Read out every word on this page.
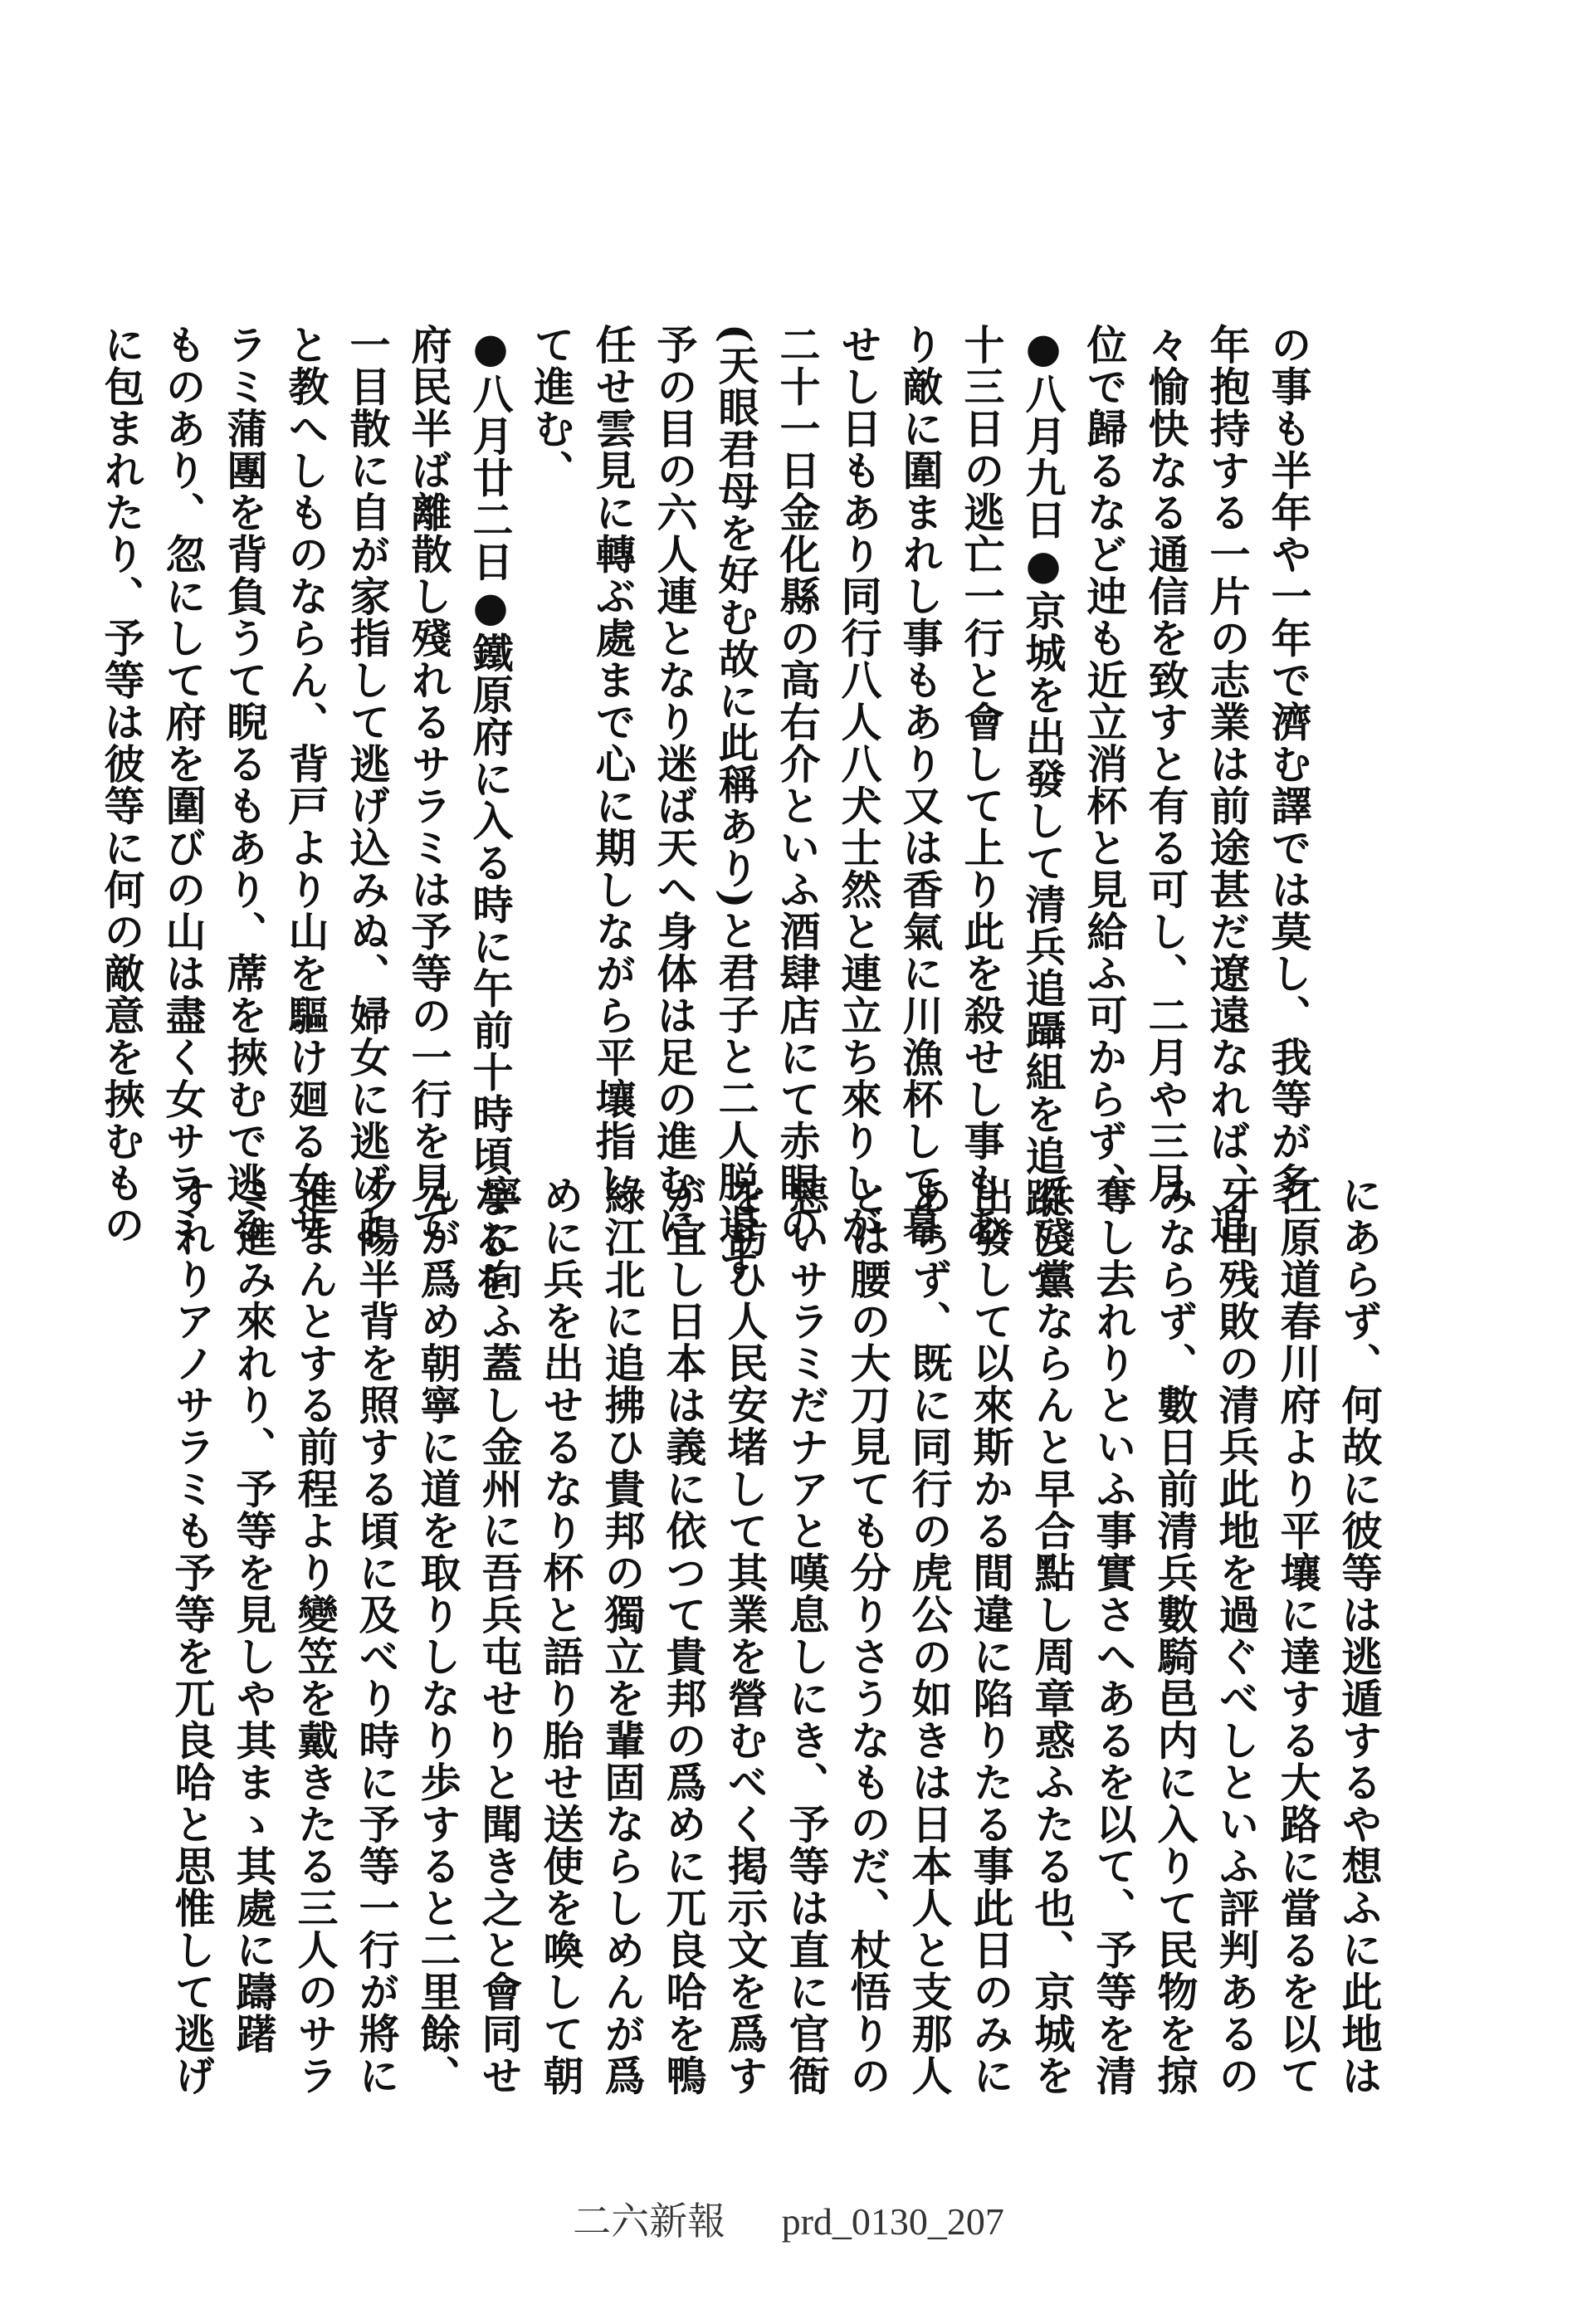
の事も半年や一年で濟む譯では莫し、我等が多
年抱持する一片の志業は前途甚だ遼遠なれば、追
々愉快なる通信を致すと有る可し、二月や三月
位で歸るなど迚も近立消杯と見給ふ可からず、
●八月九日●京城を出發して清兵追躡組を追蹤して
十三日の逃亡一行と會して上り此を殺せし事もあ
り敵に圍まれし事もあり又は香氣に川漁杯して暮
せし日もあり同行八人八犬士然と連立ち來りしが
二十一日金化縣の高右介といふ酒肆店にて赤眼の
(天眼君母を好む故に此稱あり)と君子と二人脱退す
予の目の六人連となり迷ば天へ身体は足の進むに
任せ雲見に轉ぶ處まで心に期しながら平壤指し
て進む、
●八月廿二日●鐵原府に入る時に午前十時頃なるを
府民半ば離散し殘れるサラミは予等の一行を見て
一目散に自が家指して逃げ込みぬ、婦女に逃げよ
と教へしものならん、背戸より山を驅け廻る女サ
ラミ蒲團を背負うて睨るもあり、蓆を挾むで逃る
ものあり、忽にして府を圍びの山は盡く女サラミ
に包まれたり、予等は彼等に何の敵意を挾むもの
にあらず、何故に彼等は逃遁するや想ふに此地は
江原道春川府より平壤に達する大路に當るを以て
牙山残敗の清兵此地を過ぐべしといふ評判あるの
みならず、數日前清兵數騎邑内に入りて民物を掠
奪し去れりといふ事實さへあるを以て、予等を清
兵殘黨ならんと早合點し周章惑ふたる也、京城を
出發して以來斯かる間違に陷りたる事此日のみに
あらず、既に同行の虎公の如きは日本人と支那人
とは腰の大刀見ても分りさうなものだ、杖悟りの
惡いサラミだナアと嘆息しにき、予等は直に官衙
を訪ひ人民安堵して其業を營むべく掲示文を爲す
が宜し日本は義に依つて貴邦の爲めに兀良哈を鴨
綠江北に追拂ひ貴邦の獨立を輩固ならしめんが爲
めに兵を出せるなり杯と語り胎せ送使を喚して朝
寧に向ふ蓋し金州に吾兵屯せりと聞き之と會同せ
んが爲め朝寧に道を取りしなり歩すると二里餘、
夕陽半背を照する頃に及べり時に予等一行が將に
進まんとする前程より變笠を戴きたる三人のサラ
ミ進み來れり、予等を見しや其まゝ其處に躊躇
すれりアノサラミも予等を兀良哈と思惟して逃げ
二六新報 prd_0130_207
